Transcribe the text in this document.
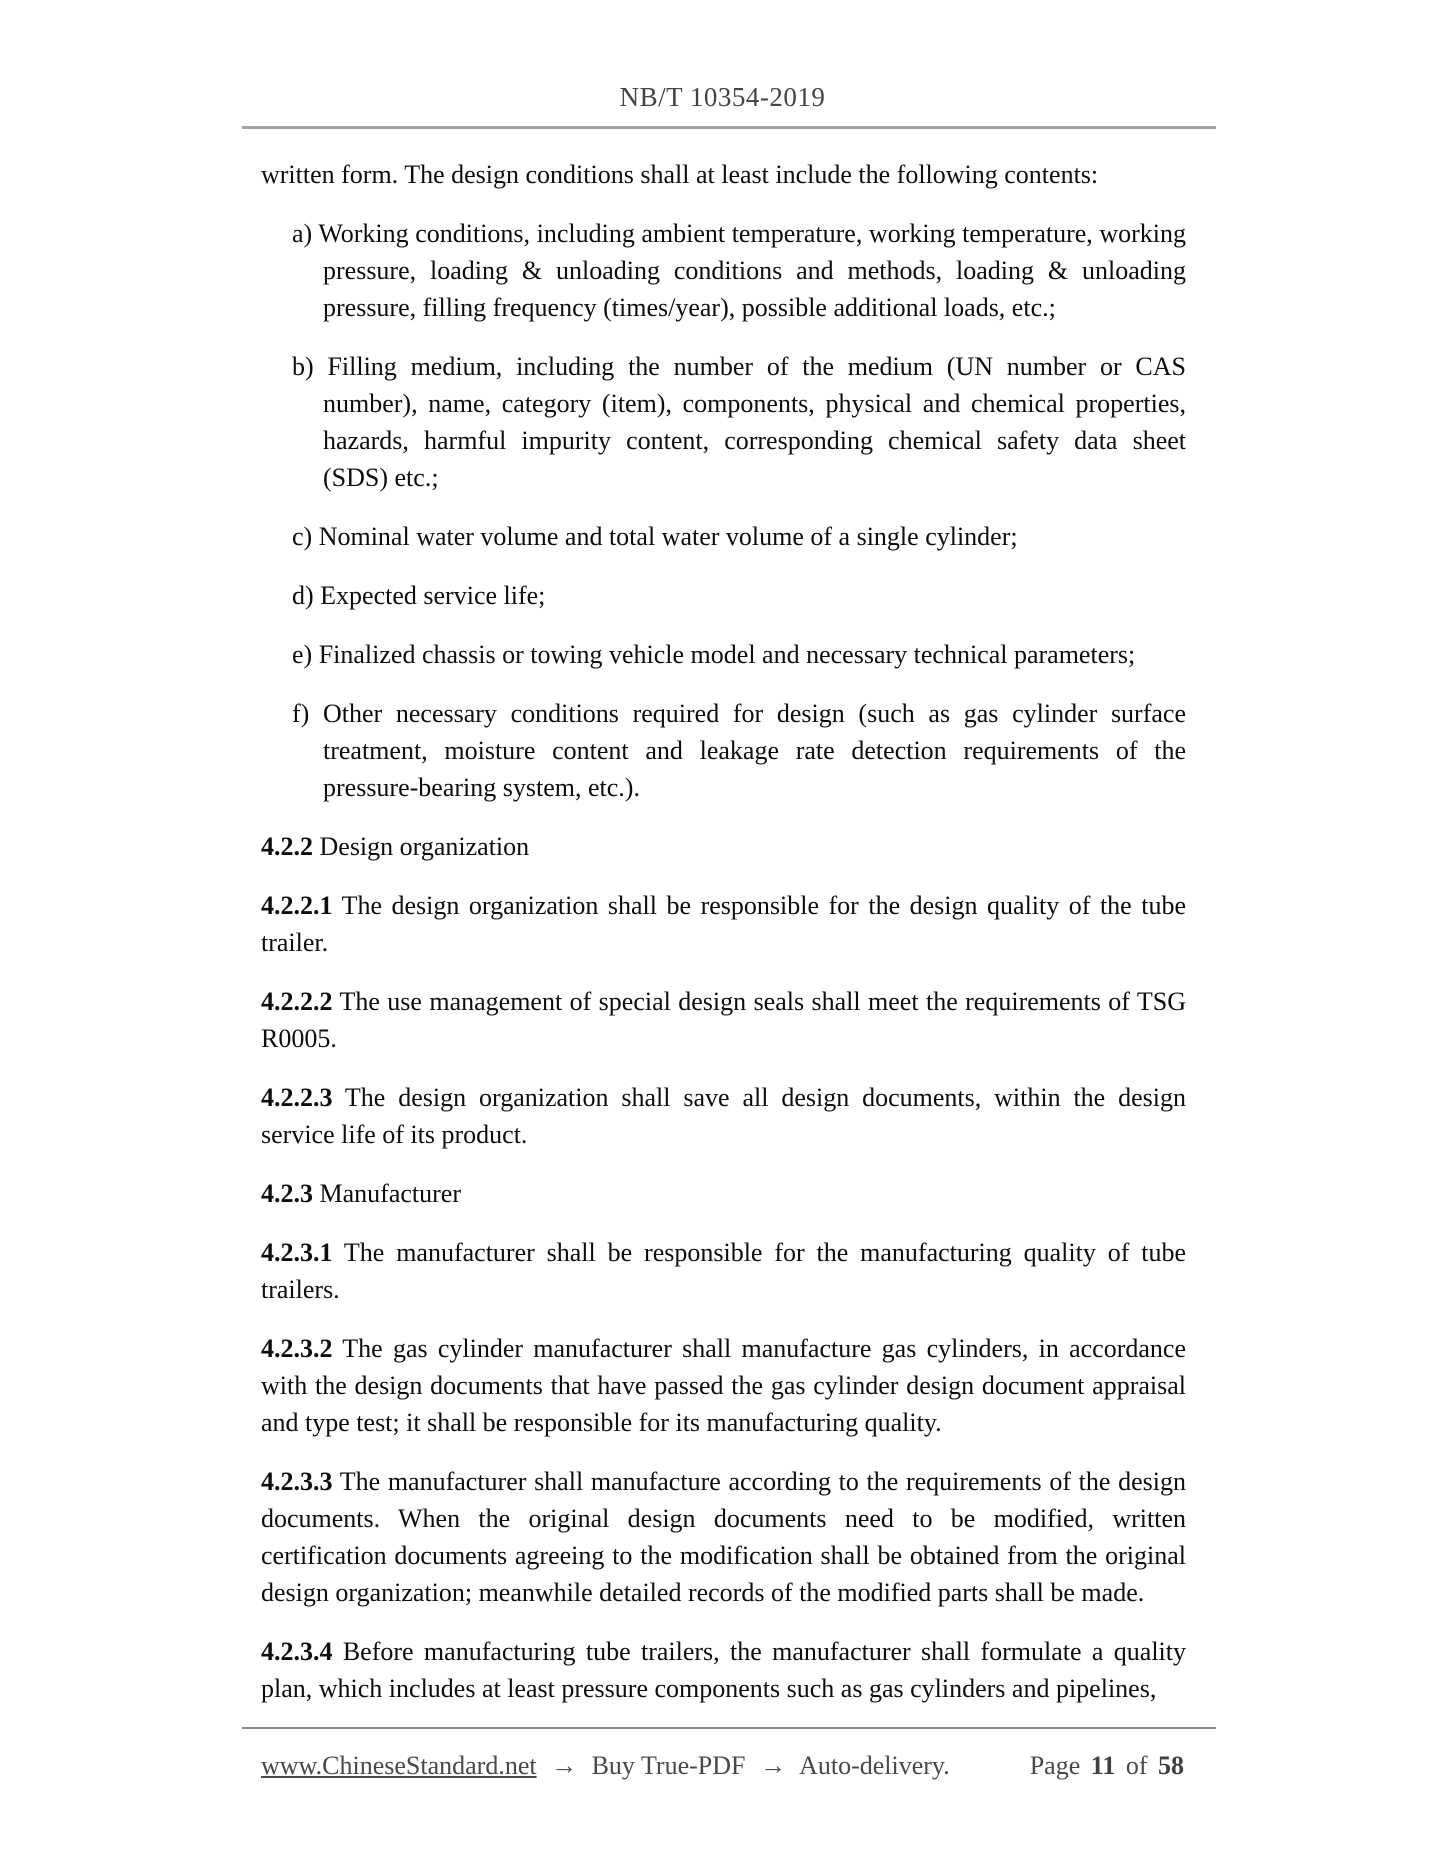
NB/T 10354-2019

written form. The design conditions shall at least include the following contents:

a) Working conditions, including ambient temperature, working temperature, working pressure, loading & unloading conditions and methods, loading & unloading pressure, filling frequency (times/year), possible additional loads, etc.;

b) Filling medium, including the number of the medium (UN number or CAS number), name, category (item), components, physical and chemical properties, hazards, harmful impurity content, corresponding chemical safety data sheet (SDS) etc.;

c) Nominal water volume and total water volume of a single cylinder;

d) Expected service life;

e) Finalized chassis or towing vehicle model and necessary technical parameters;

f) Other necessary conditions required for design (such as gas cylinder surface treatment, moisture content and leakage rate detection requirements of the pressure-bearing system, etc.).

4.2.2 Design organization

4.2.2.1 The design organization shall be responsible for the design quality of the tube trailer.

4.2.2.2 The use management of special design seals shall meet the requirements of TSG R0005.

4.2.2.3 The design organization shall save all design documents, within the design service life of its product.

4.2.3 Manufacturer

4.2.3.1 The manufacturer shall be responsible for the manufacturing quality of tube trailers.

4.2.3.2 The gas cylinder manufacturer shall manufacture gas cylinders, in accordance with the design documents that have passed the gas cylinder design document appraisal and type test; it shall be responsible for its manufacturing quality.

4.2.3.3 The manufacturer shall manufacture according to the requirements of the design documents. When the original design documents need to be modified, written certification documents agreeing to the modification shall be obtained from the original design organization; meanwhile detailed records of the modified parts shall be made.

4.2.3.4 Before manufacturing tube trailers, the manufacturer shall formulate a quality plan, which includes at least pressure components such as gas cylinders and pipelines,

www.ChineseStandard.net → Buy True-PDF → Auto-delivery.	Page 11 of 58
